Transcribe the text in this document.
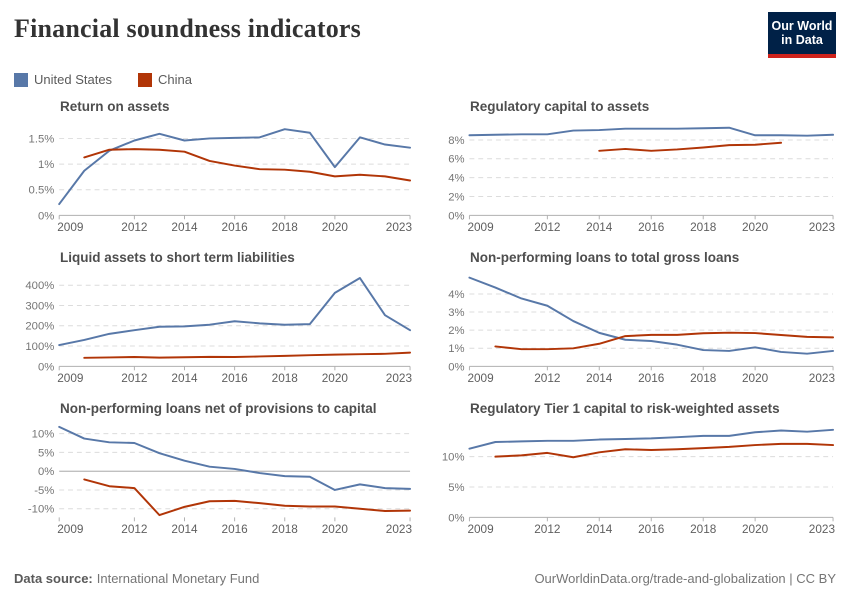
Financial soundness indicators	Our World
in Data
United States	China
Return on assets
0%
0.5%
1%
1.5%
2009	2012 2014 2016 2018 2020	2023
Regulatory capital to assets
0%
2%
4%
6%
8%
2009	2012 2014 2016 2018 2020	2023
Liquid assets to short term liabilities
0%
100%
200%
300%
400%
2009	2012 2014 2016 2018 2020	2023
Non-performing loans to total gross loans
0%
1%
2%
3%
4%
2009	2012 2014 2016 2018 2020	2023
Non-performing loans net of provisions to capital
-10%
-5%
0%
5%
10%
2009	2012 2014 2016 2018 2020	2023
Regulatory Tier 1 capital to risk-weighted assets
0%
5%
10%
2009	2012 2014 2016 2018 2020	2023
Data source: International Monetary Fund	OurWorldinData.org/trade-and-globalization | CC BY
